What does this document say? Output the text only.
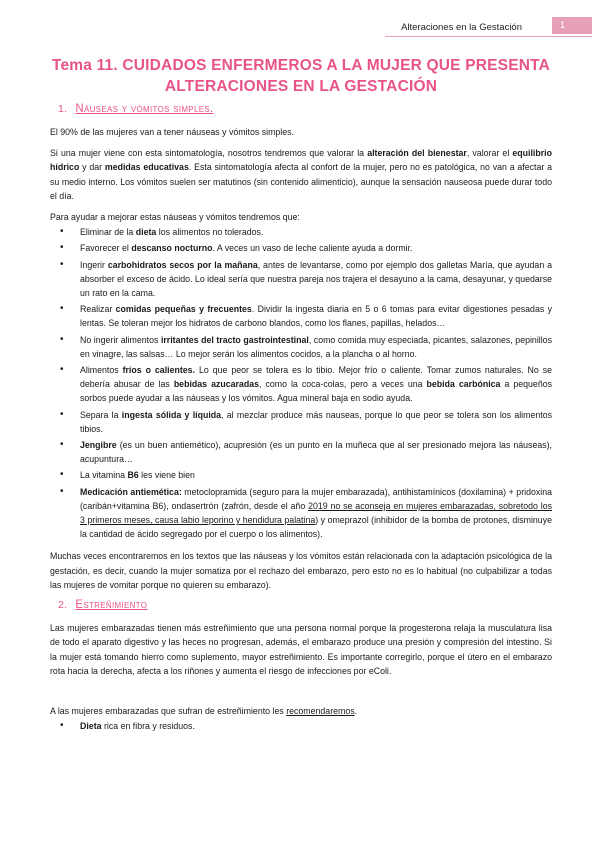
Alteraciones en la Gestación	1
Tema 11. CUIDADOS ENFERMEROS A LA MUJER QUE PRESENTA ALTERACIONES EN LA GESTACIÓN
1. Náuseas y vómitos simples.

El 90% de las mujeres van a tener náuseas y vómitos simples.

Si una mujer viene con esta sintomatología, nosotros tendremos que valorar la alteración del bienestar, valorar el equilibrio hídrico y dar medidas educativas. Esta sintomatología afecta al confort de la mujer, pero no es patológica, no van a afectar a su medio interno. Los vómitos suelen ser matutinos (sin contenido alimenticio), aunque la sensación nauseosa puede durar todo el día.

Para ayudar a mejorar estas náuseas y vómitos tendremos que:

• Eliminar de la dieta los alimentos no tolerados.
• Favorecer el descanso nocturno. A veces un vaso de leche caliente ayuda a dormir.
• Ingerir carbohidratos secos por la mañana, antes de levantarse, como por ejemplo dos galletas María, que ayudan a absorber el exceso de ácido. Lo ideal sería que nuestra pareja nos trajera el desayuno a la cama, desayunar, y quedarse un rato en la cama.
• Realizar comidas pequeñas y frecuentes. Dividir la ingesta diaria en 5 o 6 tomas para evitar digestiones pesadas y lentas. Se toleran mejor los hidratos de carbono blandos, como los flanes, papillas, helados…
• No ingerir alimentos irritantes del tracto gastrointestinal, como comida muy especiada, picantes, salazones, pepinillos en vinagre, las salsas… Lo mejor serán los alimentos cocidos, a la plancha o al horno.
• Alimentos fríos o calientes. Lo que peor se tolera es lo tibio. Mejor frío o caliente. Tomar zumos naturales. No se debería abusar de las bebidas azucaradas, como la coca-colas, pero a veces una bebida carbónica a pequeños sorbos puede ayudar a las náuseas y los vómitos. Agua mineral baja en sodio ayuda.
• Separa la ingesta sólida y líquida, al mezclar produce más nauseas, porque lo que peor se tolera son los alimentos tibios.
• Jengibre (es un buen antiemético), acupresión (es un punto en la muñeca que al ser presionado mejora las náuseas), acupuntura…
• La vitamina B6 les viene bien
• Medicación antiemética: metoclopramida (seguro para la mujer embarazada), antihistamínicos (doxilamina) + pridoxina (caribán+vitamina B6), ondasertrón (zafrón, desde el año 2019 no se aconseja en mujeres embarazadas, sobretodo los 3 primeros meses, causa labio leporino y hendidura palatina) y omeprazol (inhibidor de la bomba de protones, disminuye la cantidad de ácido segregado por el cuerpo o los alimentos).

Muchas veces encontraremos en los textos que las náuseas y los vómitos están relacionada con la adaptación psicológica de la gestación, es decir, cuando la mujer somatiza por el rechazo del embarazo, pero esto no es lo habitual (no culpabilizar a todas las mujeres de vomitar porque no quieren su embarazo).

2. Estreñimiento

Las mujeres embarazadas tienen más estreñimiento que una persona normal porque la progesterona relaja la musculatura lisa de todo el aparato digestivo y las heces no progresan, además, el embarazo produce una presión y compresión del intestino. Si la mujer está tomando hierro como suplemento, mayor estreñimiento. Es importante corregirlo, porque el útero en el embarazo rota hacia la derecha, afecta a los riñones y aumenta el riesgo de infecciones por eColi.

A las mujeres embarazadas que sufran de estreñimiento les recomendaremos.

• Dieta rica en fibra y residuos.
